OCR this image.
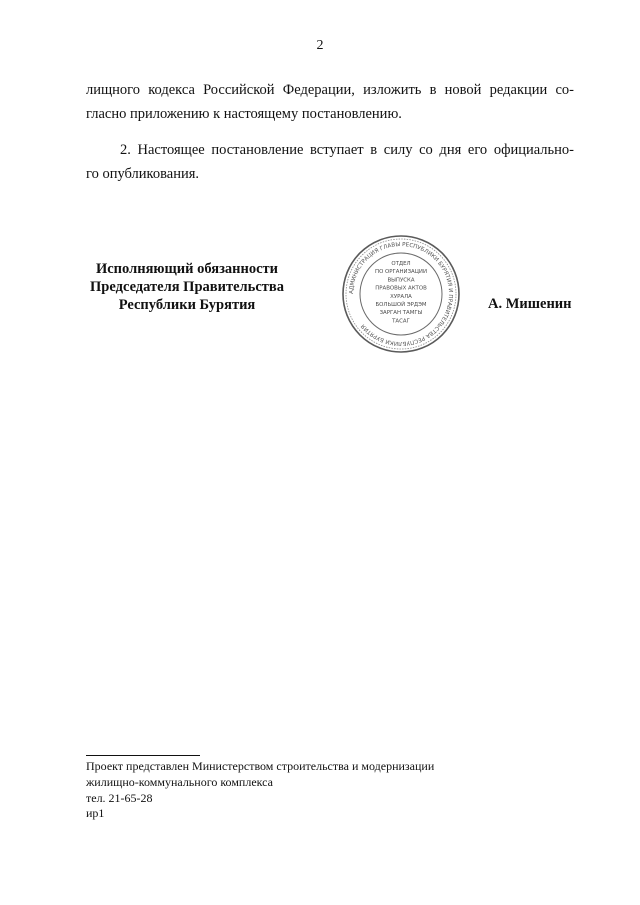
2
лищного кодекса Российской Федерации, изложить в новой редакции со-
гласно приложению к настоящему постановлению.
2. Настоящее постановление вступает в силу со дня его официально-
го опубликования.
Исполняющий обязанности
Председателя Правительства
Республики Бурятия
АДМИНИСТРАЦИЯ ГЛАВЫ РЕСПУБЛИКИ БУРЯТИЯ И ПРАВИТЕЛЬСТВА РЕСПУБЛИКИ БУРЯТИЯ
ОТДЕЛ
ПО ОРГАНИЗАЦИИ
ВЫПУСКА
ПРАВОВЫХ АКТОВ
ХУРАЛА
БОЛЬШОЙ ЭРДЭМ
ЗАРГАН ТАМГЫ
ТАСАГ
А. Мишенин
Проект представлен Министерством строительства и модернизации
жилищно-коммунального комплекса
тел. 21-65-28
ир1
